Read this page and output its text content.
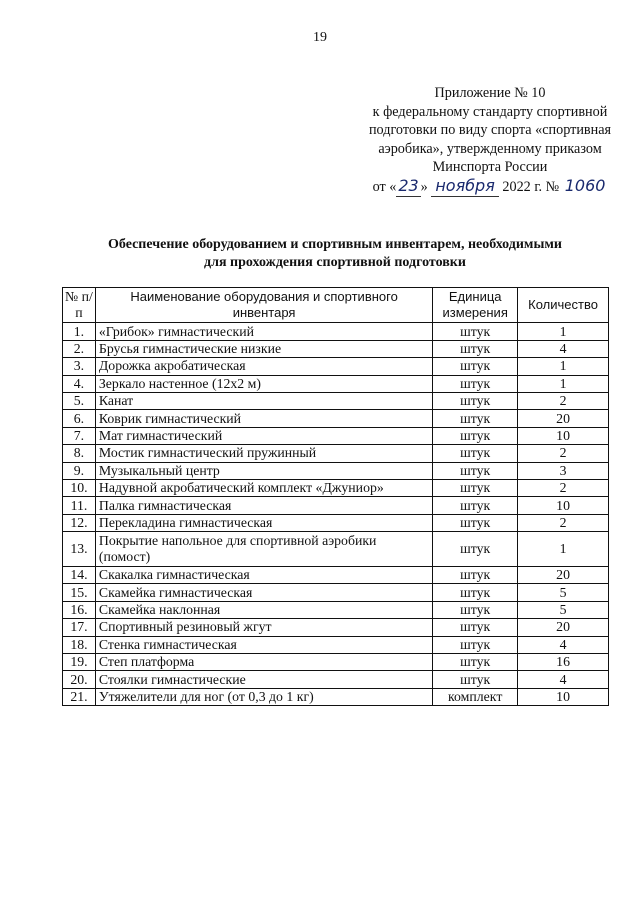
19
Приложение № 10
к федеральному стандарту спортивной
подготовки по виду спорта «спортивная
аэробика», утвержденному приказом
Минспорта России
от « 23 » ноября 2022 г. № 1060
Обеспечение оборудованием и спортивным инвентарем, необходимыми
для прохождения спортивной подготовки
№ п/п	Наименование оборудования и спортивного инвентаря	Единица измерения	Количество
1.	«Грибок» гимнастический	штук	1
2.	Брусья гимнастические низкие	штук	4
3.	Дорожка акробатическая	штук	1
4.	Зеркало настенное (12х2 м)	штук	1
5.	Канат	штук	2
6.	Коврик гимнастический	штук	20
7.	Мат гимнастический	штук	10
8.	Мостик гимнастический пружинный	штук	2
9.	Музыкальный центр	штук	3
10.	Надувной акробатический комплект «Джуниор»	штук	2
11.	Палка гимнастическая	штук	10
12.	Перекладина гимнастическая	штук	2
13.	Покрытие напольное для спортивной аэробики (помост)	штук	1
14.	Скакалка гимнастическая	штук	20
15.	Скамейка гимнастическая	штук	5
16.	Скамейка наклонная	штук	5
17.	Спортивный резиновый жгут	штук	20
18.	Стенка гимнастическая	штук	4
19.	Степ платформа	штук	16
20.	Стоялки гимнастические	штук	4
21.	Утяжелители для ног (от 0,3 до 1 кг)	комплект	10
